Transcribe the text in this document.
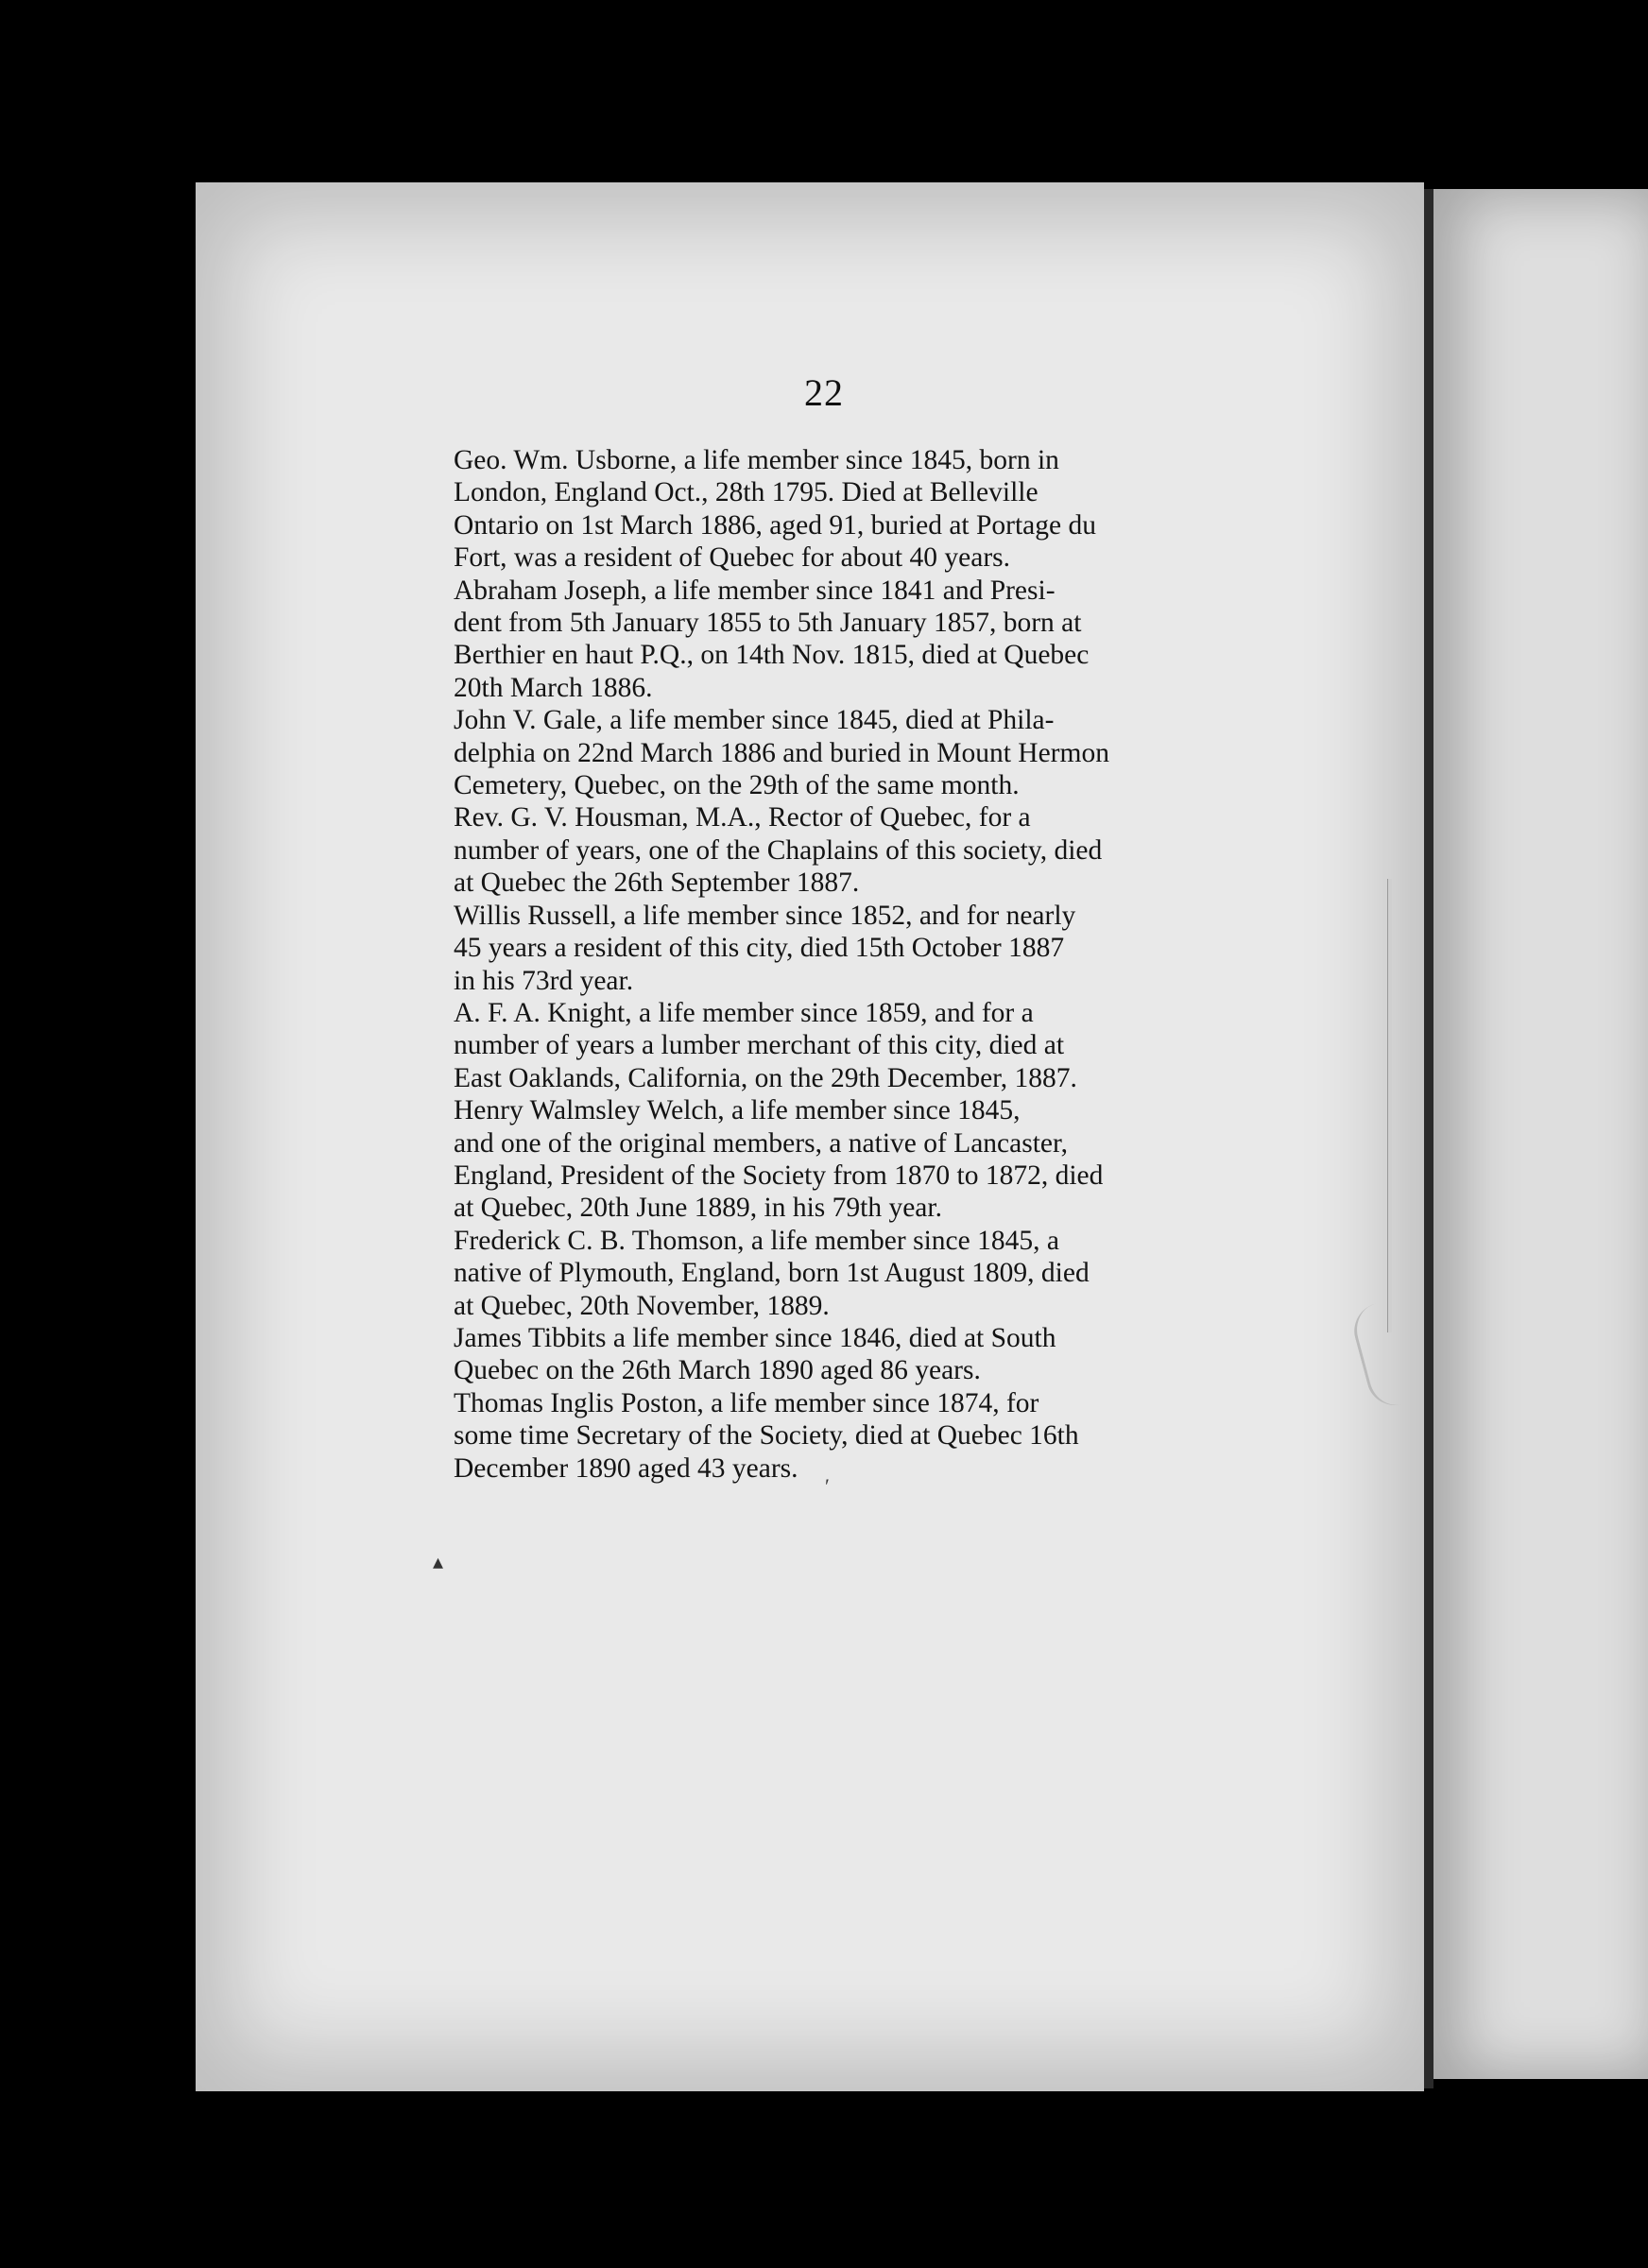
22

Geo. Wm. Usborne, a life member since 1845, born in
London, England Oct., 28th 1795. Died at Belleville
Ontario on 1st March 1886, aged 91, buried at Portage du
Fort, was a resident of Quebec for about 40 years.

Abraham Joseph, a life member since 1841 and Presi-
dent from 5th January 1855 to 5th January 1857, born at
Berthier en haut P.Q., on 14th Nov. 1815, died at Quebec
20th March 1886.

John V. Gale, a life member since 1845, died at Phila-
delphia on 22nd March 1886 and buried in Mount Hermon
Cemetery, Quebec, on the 29th of the same month.

Rev. G. V. Housman, M.A., Rector of Quebec, for a
number of years, one of the Chaplains of this society, died
at Quebec the 26th September 1887.

Willis Russell, a life member since 1852, and for nearly
45 years a resident of this city, died 15th October 1887
in his 73rd year.

A. F. A. Knight, a life member since 1859, and for a
number of years a lumber merchant of this city, died at
East Oaklands, California, on the 29th December, 1887.

Henry Walmsley Welch, a life member since 1845,
and one of the original members, a native of Lancaster,
England, President of the Society from 1870 to 1872, died
at Quebec, 20th June 1889, in his 79th year.

Frederick C. B. Thomson, a life member since 1845, a
native of Plymouth, England, born 1st August 1809, died
at Quebec, 20th November, 1889.

James Tibbits a life member since 1846, died at South
Quebec on the 26th March 1890 aged 86 years.

Thomas Inglis Poston, a life member since 1874, for
some time Secretary of the Society, died at Quebec 16th
December 1890 aged 43 years.

▴
′
